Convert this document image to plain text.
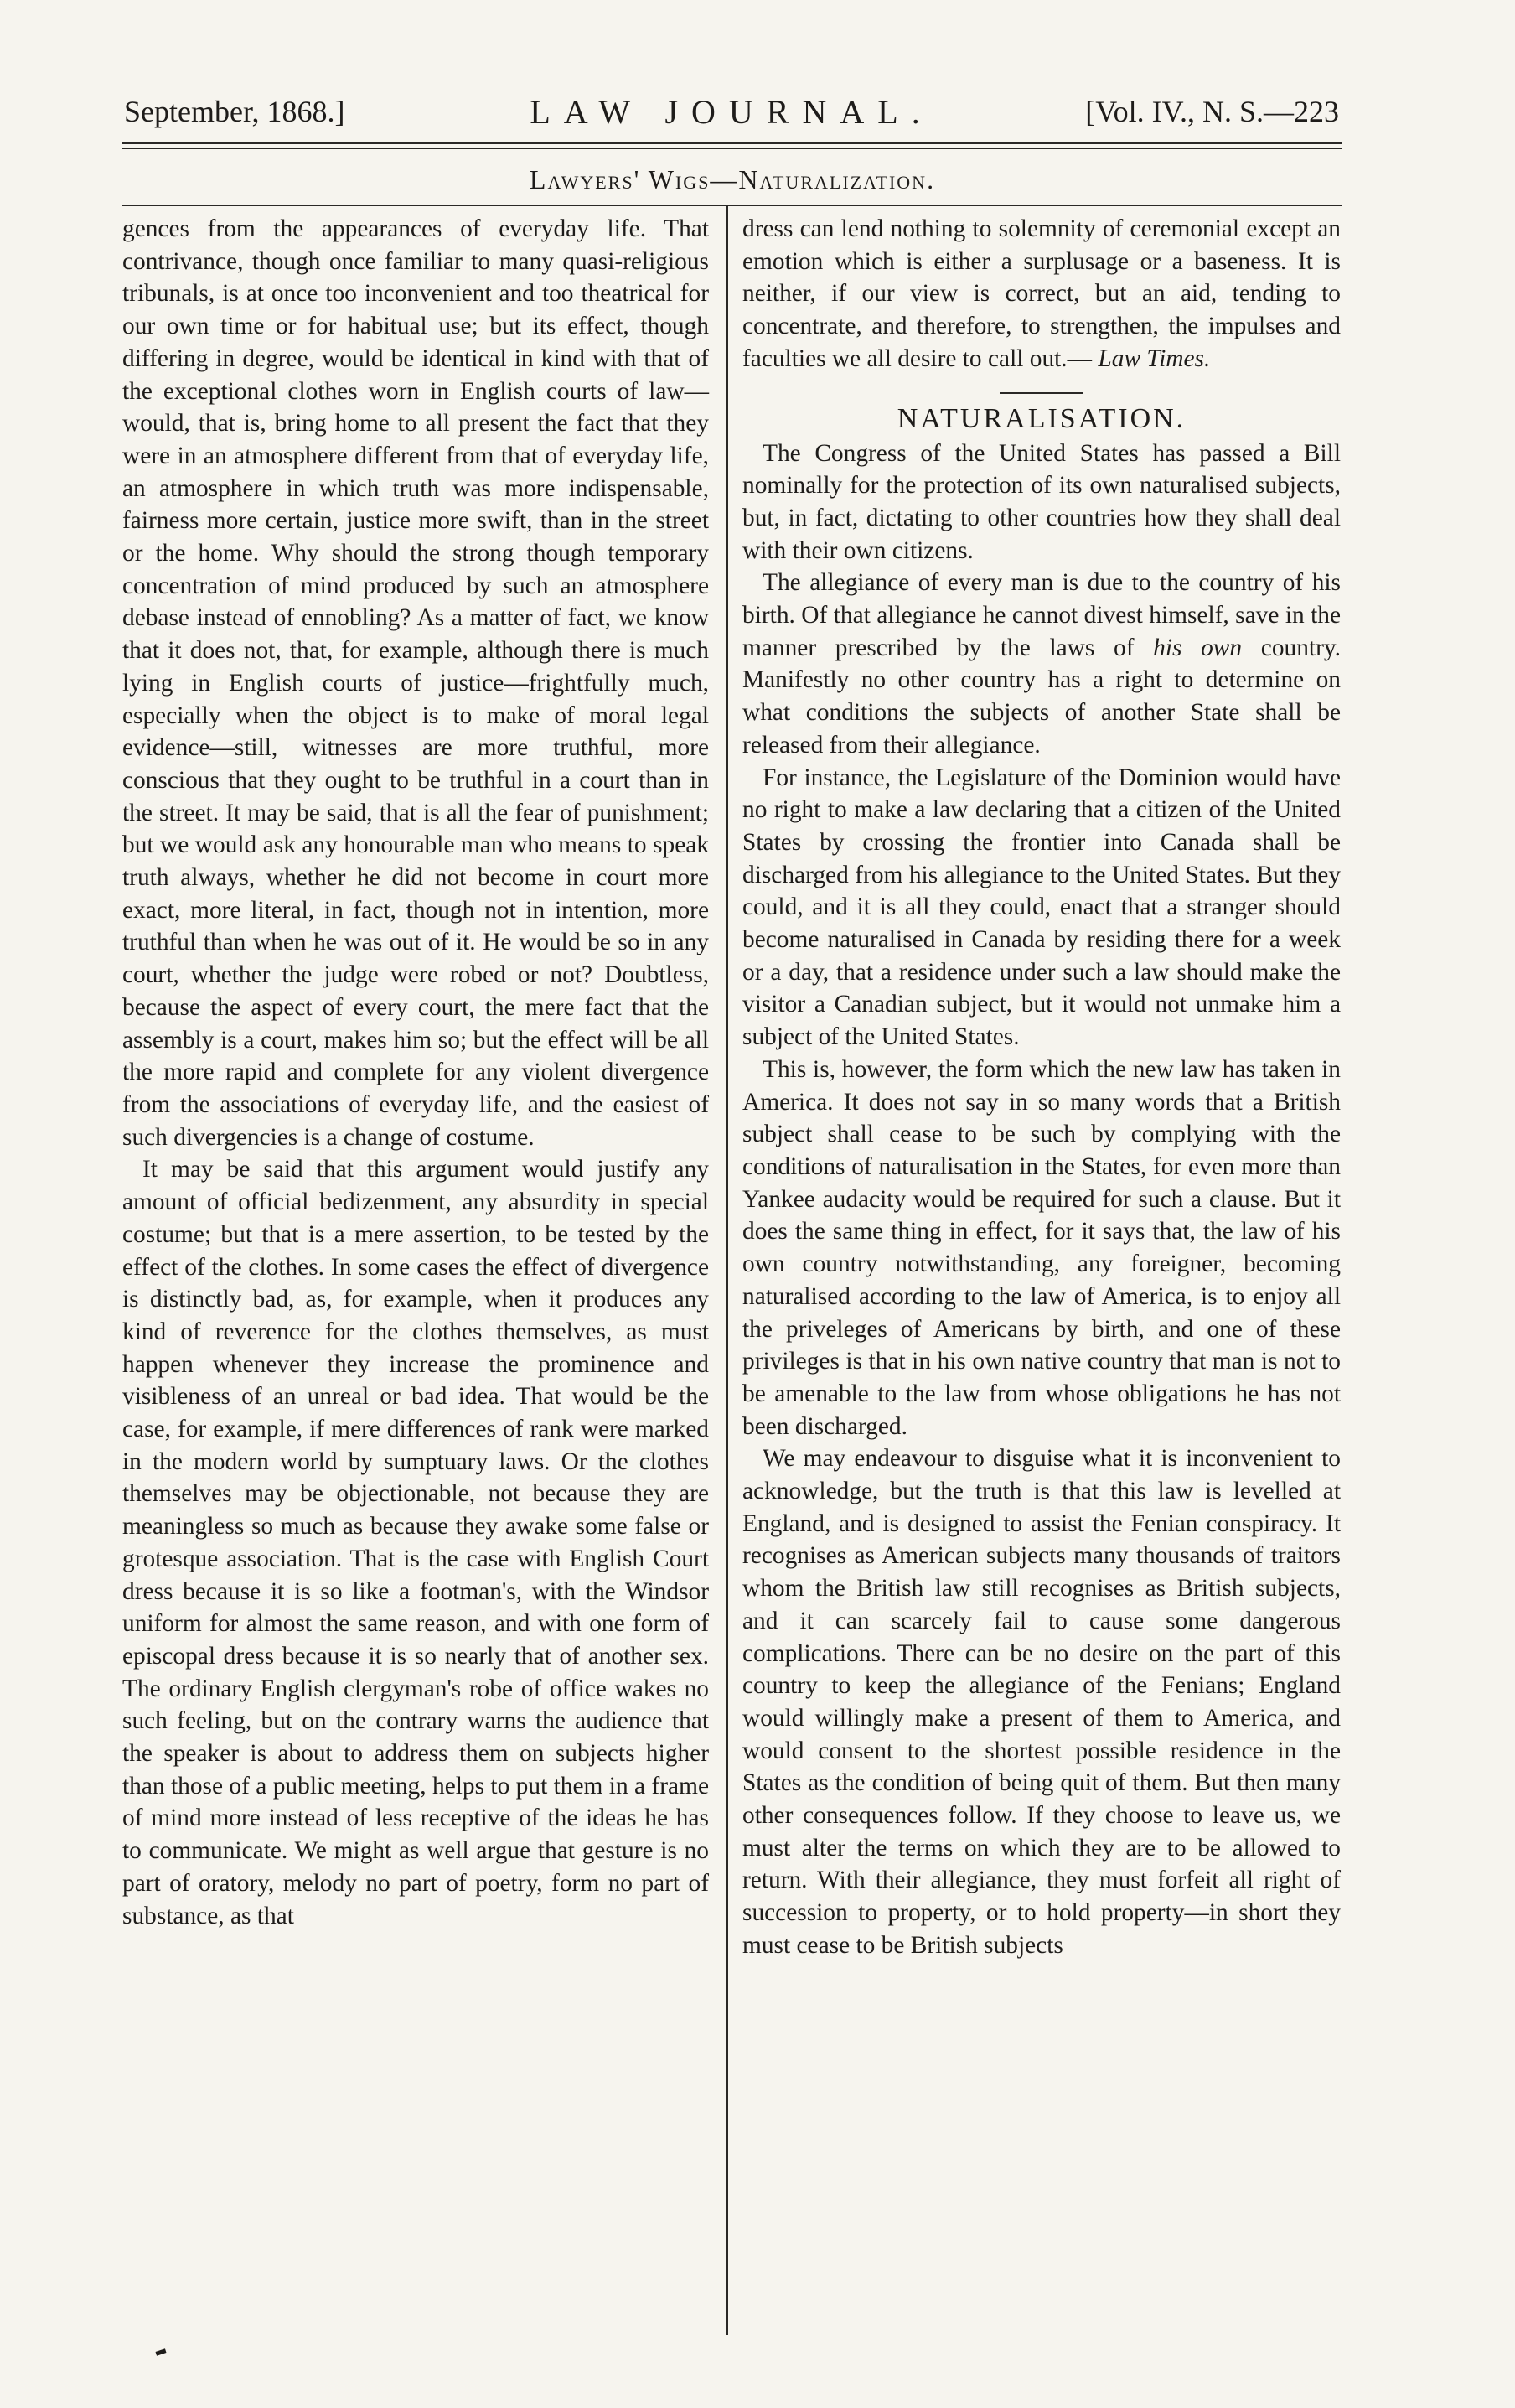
September, 1868.]	LAW JOURNAL.	[Vol. IV., N. S.—223
Lawyers' Wigs—Naturalization.

gences from the appearances of everyday life. That contrivance, though once familiar to many quasi-religious tribunals, is at once too inconvenient and too theatrical for our own time or for habitual use; but its effect, though differing in degree, would be identical in kind with that of the exceptional clothes worn in English courts of law—would, that is, bring home to all present the fact that they were in an atmosphere different from that of everyday life, an atmosphere in which truth was more indispensable, fairness more certain, justice more swift, than in the street or the home. Why should the strong though temporary concentration of mind produced by such an atmosphere debase instead of ennobling? As a matter of fact, we know that it does not, that, for example, although there is much lying in English courts of justice—frightfully much, especially when the object is to make of moral legal evidence—still, witnesses are more truthful, more conscious that they ought to be truthful in a court than in the street. It may be said, that is all the fear of punishment; but we would ask any honourable man who means to speak truth always, whether he did not become in court more exact, more literal, in fact, though not in intention, more truthful than when he was out of it. He would be so in any court, whether the judge were robed or not? Doubtless, because the aspect of every court, the mere fact that the assembly is a court, makes him so; but the effect will be all the more rapid and complete for any violent divergence from the associations of everyday life, and the easiest of such divergencies is a change of costume.

It may be said that this argument would justify any amount of official bedizenment, any absurdity in special costume; but that is a mere assertion, to be tested by the effect of the clothes. In some cases the effect of divergence is distinctly bad, as, for example, when it produces any kind of reverence for the clothes themselves, as must happen whenever they increase the prominence and visibleness of an unreal or bad idea. That would be the case, for example, if mere differences of rank were marked in the modern world by sumptuary laws. Or the clothes themselves may be objectionable, not because they are meaningless so much as because they awake some false or grotesque association. That is the case with English Court dress because it is so like a footman's, with the Windsor uniform for almost the same reason, and with one form of episcopal dress because it is so nearly that of another sex. The ordinary English clergyman's robe of office wakes no such feeling, but on the contrary warns the audience that the speaker is about to address them on subjects higher than those of a public meeting, helps to put them in a frame of mind more instead of less receptive of the ideas he has to communicate. We might as well argue that gesture is no part of oratory, melody no part of poetry, form no part of substance, as that

dress can lend nothing to solemnity of ceremonial except an emotion which is either a surplusage or a baseness. It is neither, if our view is correct, but an aid, tending to concentrate, and therefore, to strengthen, the impulses and faculties we all desire to call out.— Law Times.

NATURALISATION.

The Congress of the United States has passed a Bill nominally for the protection of its own naturalised subjects, but, in fact, dictating to other countries how they shall deal with their own citizens.

The allegiance of every man is due to the country of his birth. Of that allegiance he cannot divest himself, save in the manner prescribed by the laws of his own country. Manifestly no other country has a right to determine on what conditions the subjects of another State shall be released from their allegiance.

For instance, the Legislature of the Dominion would have no right to make a law declaring that a citizen of the United States by crossing the frontier into Canada shall be discharged from his allegiance to the United States. But they could, and it is all they could, enact that a stranger should become naturalised in Canada by residing there for a week or a day, that a residence under such a law should make the visitor a Canadian subject, but it would not unmake him a subject of the United States.

This is, however, the form which the new law has taken in America. It does not say in so many words that a British subject shall cease to be such by complying with the conditions of naturalisation in the States, for even more than Yankee audacity would be required for such a clause. But it does the same thing in effect, for it says that, the law of his own country notwithstanding, any foreigner, becoming naturalised according to the law of America, is to enjoy all the priveleges of Americans by birth, and one of these privileges is that in his own native country that man is not to be amenable to the law from whose obligations he has not been discharged.

We may endeavour to disguise what it is inconvenient to acknowledge, but the truth is that this law is levelled at England, and is designed to assist the Fenian conspiracy. It recognises as American subjects many thousands of traitors whom the British law still recognises as British subjects, and it can scarcely fail to cause some dangerous complications. There can be no desire on the part of this country to keep the allegiance of the Fenians; England would willingly make a present of them to America, and would consent to the shortest possible residence in the States as the condition of being quit of them. But then many other consequences follow. If they choose to leave us, we must alter the terms on which they are to be allowed to return. With their allegiance, they must forfeit all right of succession to property, or to hold property—in short they must cease to be British subjects
